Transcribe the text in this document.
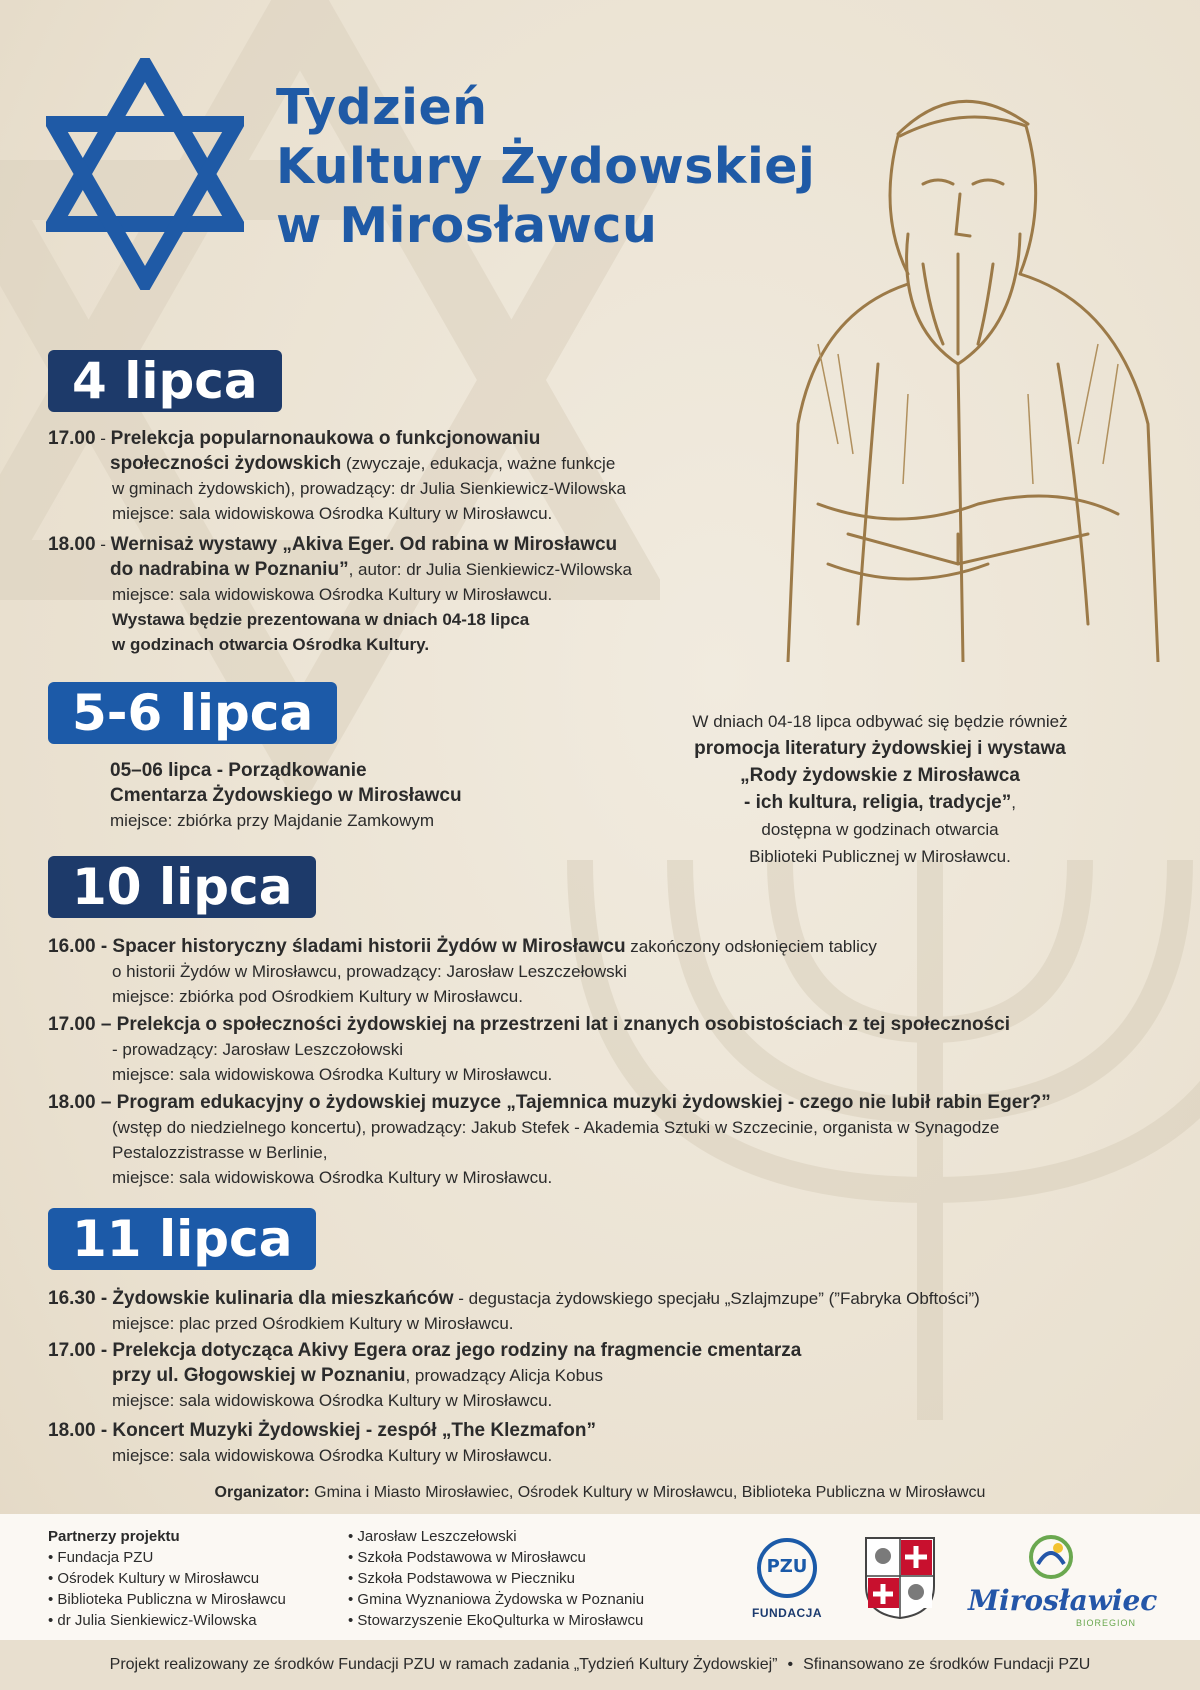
Tydzień
Kultury Żydowskiej
w Mirosławcu
4 lipca
17.00 - Prelekcja popularnonaukowa o funkcjonowaniu
społeczności żydowskich (zwyczaje, edukacja, ważne funkcje
w gminach żydowskich), prowadzący: dr Julia Sienkiewicz-Wilowska
miejsce: sala widowiskowa Ośrodka Kultury w Mirosławcu.
18.00 - Wernisaż wystawy „Akiva Eger. Od rabina w Mirosławcu
do nadrabina w Poznaniu”, autor: dr Julia Sienkiewicz-Wilowska
miejsce: sala widowiskowa Ośrodka Kultury w Mirosławcu.
Wystawa będzie prezentowana w dniach 04-18 lipca
w godzinach otwarcia Ośrodka Kultury.
5-6 lipca
05–06 lipca - Porządkowanie
Cmentarza Żydowskiego w Mirosławcu
miejsce: zbiórka przy Majdanie Zamkowym
W dniach 04-18 lipca odbywać się będzie również
promocja literatury żydowskiej i wystawa
„Rody żydowskie z Mirosławca
- ich kultura, religia, tradycje”,
dostępna w godzinach otwarcia
Biblioteki Publicznej w Mirosławcu.
10 lipca
16.00 - Spacer historyczny śladami historii Żydów w Mirosławcu zakończony odsłonięciem tablicy
o historii Żydów w Mirosławcu, prowadzący: Jarosław Leszczełowski
miejsce: zbiórka pod Ośrodkiem Kultury w Mirosławcu.
17.00 – Prelekcja o społeczności żydowskiej na przestrzeni lat i znanych osobistościach z tej społeczności
- prowadzący: Jarosław Leszczołowski
miejsce: sala widowiskowa Ośrodka Kultury w Mirosławcu.
18.00 – Program edukacyjny o żydowskiej muzyce „Tajemnica muzyki żydowskiej - czego nie lubił rabin Eger?”
(wstęp do niedzielnego koncertu), prowadzący: Jakub Stefek - Akademia Sztuki w Szczecinie, organista w Synagodze
Pestalozzistrasse w Berlinie,
miejsce: sala widowiskowa Ośrodka Kultury w Mirosławcu.
11 lipca
16.30 - Żydowskie kulinaria dla mieszkańców - degustacja żydowskiego specjału „Szlajmzupe” (”Fabryka Obftości”)
miejsce: plac przed Ośrodkiem Kultury w Mirosławcu.
17.00 - Prelekcja dotycząca Akivy Egera oraz jego rodziny na fragmencie cmentarza
przy ul. Głogowskiej w Poznaniu, prowadzący Alicja Kobus
miejsce: sala widowiskowa Ośrodka Kultury w Mirosławcu.
18.00 - Koncert Muzyki Żydowskiej - zespół „The Klezmafon”
miejsce: sala widowiskowa Ośrodka Kultury w Mirosławcu.
Organizator: Gmina i Miasto Mirosławiec, Ośrodek Kultury w Mirosławcu, Biblioteka Publiczna w Mirosławcu
Partnerzy projektu
• Fundacja PZU
• Ośrodek Kultury w Mirosławcu
• Biblioteka Publiczna w Mirosławcu
• dr Julia Sienkiewicz-Wilowska
• Jarosław Leszczełowski
• Szkoła Podstawowa w Mirosławcu
• Szkoła Podstawowa w Pieczniku
• Gmina Wyznaniowa Żydowska w Poznaniu
• Stowarzyszenie EkoQulturka w Mirosławcu
PZU
FUNDACJA	Mirosławiec
BIOREGION
Projekt realizowany ze środków Fundacji PZU w ramach zadania „Tydzień Kultury Żydowskiej” • Sfinansowano ze środków Fundacji PZU
